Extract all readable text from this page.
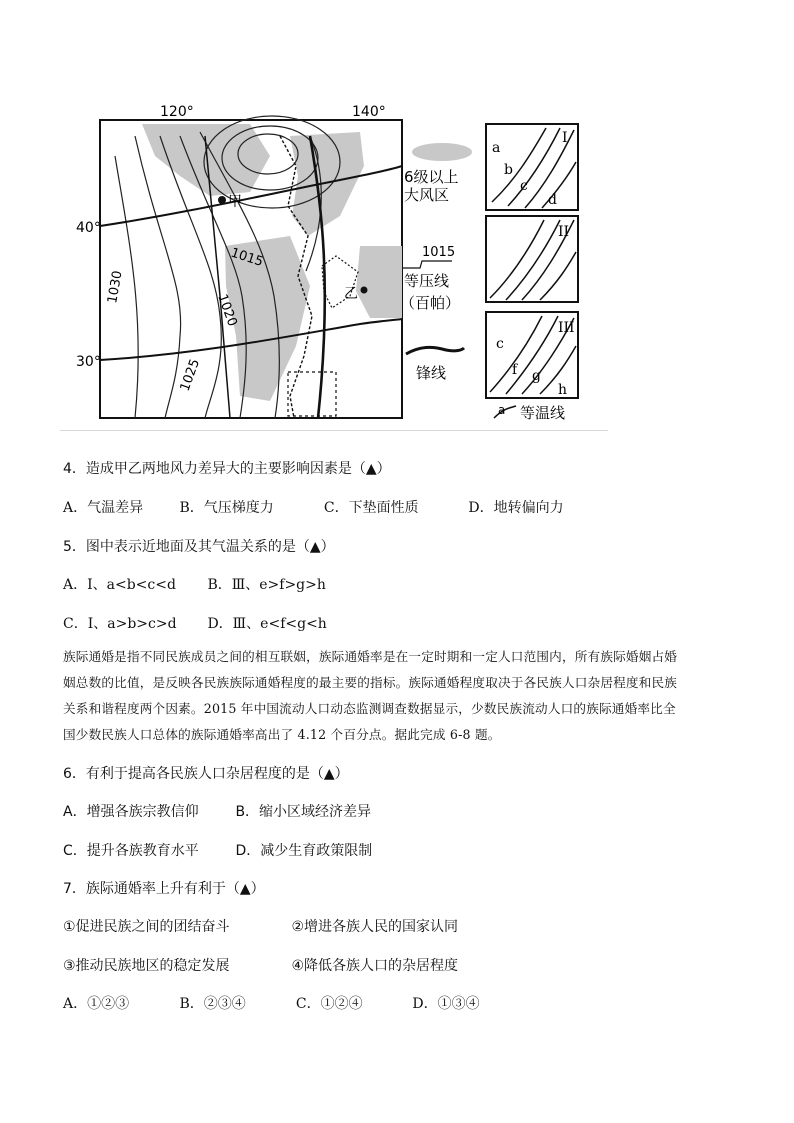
120°	140°
40°
30°
1015
1020
1025
1030
甲
乙
6级以上
大风区
1015
等压线
（百帕）
锋线
a 等温线
I
a
b
c
d
II
III
c
f g
h
4．造成甲乙两地风力差异大的主要影响因素是（▲）
A．气温差异	B．气压梯度力	C．下垫面性质	D．地转偏向力
5．图中表示近地面及其气温关系的是（▲）
A．Ⅰ、a<b<c<d B．Ⅲ、e>f>g>h
C．Ⅰ、a>b>c>d D．Ⅲ、e<f<g<h
族际通婚是指不同民族成员之间的相互联姻，族际通婚率是在一定时期和一定人口范围内，所有族际婚姻占婚
姻总数的比值，是反映各民族族际通婚程度的最主要的指标。族际通婚程度取决于各民族人口杂居程度和民族
关系和谐程度两个因素。2015 年中国流动人口动态监测调查数据显示，少数民族流动人口的族际通婚率比全
国少数民族人口总体的族际通婚率高出了 4.12 个百分点。据此完成 6-8 题。
6．有利于提高各民族人口杂居程度的是（▲）
A．增强各族宗教信仰	B．缩小区域经济差异
C．提升各族教育水平	D．减少生育政策限制
7．族际通婚率上升有利于（▲）
①促进民族之间的团结奋斗	②增进各族人民的国家认同
③推动民族地区的稳定发展	④降低各族人口的杂居程度
A．①②③	B．②③④	C．①②④	D．①③④
